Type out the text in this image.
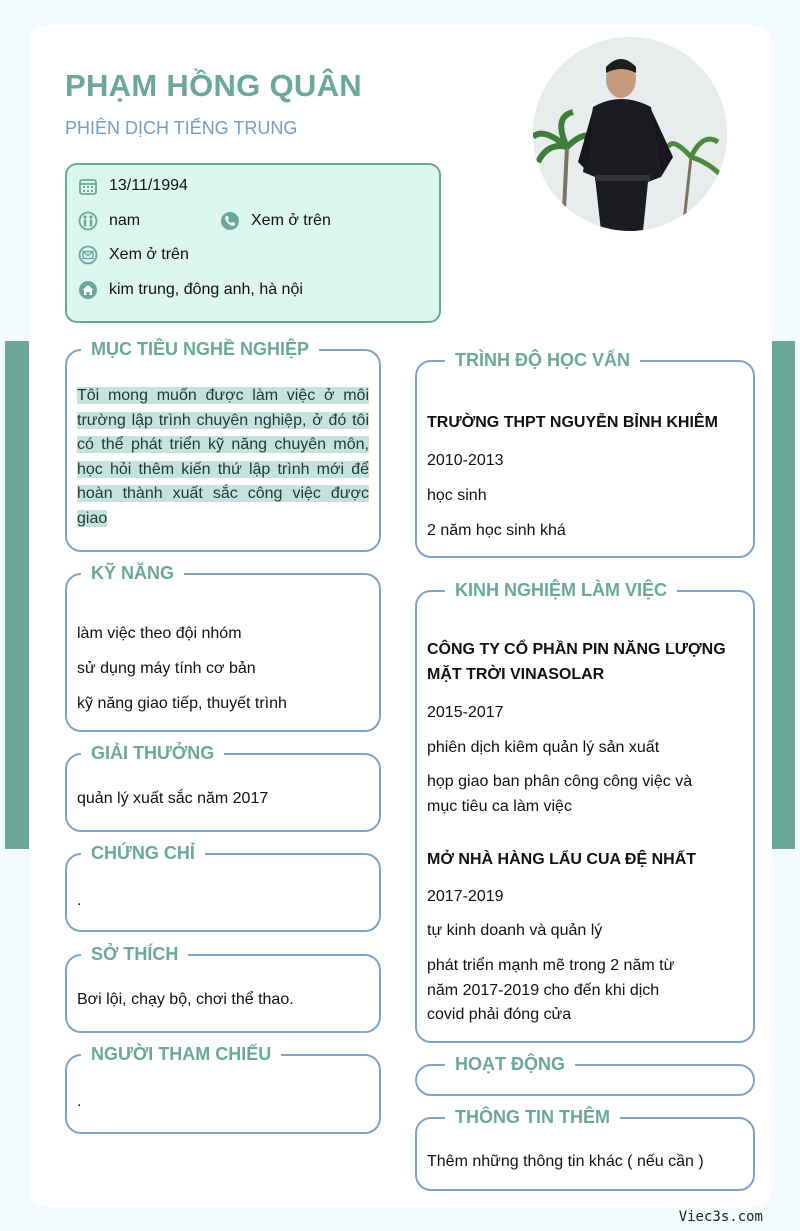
PHẠM HỒNG QUÂN
PHIÊN DỊCH TIẾNG TRUNG
13/11/1994
nam	Xem ở trên
Xem ở trên
kim trung, đông anh, hà nội
MỤC TIÊU NGHỀ NGHIỆP
Tôi mong muốn được làm việc ở môi trường lập trình chuyên nghiệp, ở đó tôi có thể phát triển kỹ năng chuyên môn, học hỏi thêm kiến thứ lập trình mới để hoàn thành xuất sắc công việc được giao
KỸ NĂNG
làm việc theo đội nhóm
sử dụng máy tính cơ bản
kỹ năng giao tiếp, thuyết trình
GIẢI THƯỞNG
quản lý xuất sắc năm 2017
CHỨNG CHỈ
.
SỞ THÍCH
Bơi lội, chạy bộ, chơi thể thao.
NGƯỜI THAM CHIẾU
.
TRÌNH ĐỘ HỌC VẤN
TRƯỜNG THPT NGUYỄN BỈNH KHIÊM
2010-2013
học sinh
2 năm học sinh khá
KINH NGHIỆM LÀM VIỆC
CÔNG TY CỔ PHẦN PIN NĂNG LƯỢNG
MẶT TRỜI VINASOLAR
2015-2017
phiên dịch kiêm quản lý sản xuất
họp giao ban phân công công việc và
mục tiêu ca làm việc
MỞ NHÀ HÀNG LẨU CUA ĐỆ NHẤT
2017-2019
tự kinh doanh và quản lý
phát triển mạnh mẽ trong 2 năm từ
năm 2017-2019 cho đến khi dịch
covid phải đóng cửa
HOẠT ĐỘNG
THÔNG TIN THÊM
Thêm những thông tin khác ( nếu cần )
Viec3s.com
